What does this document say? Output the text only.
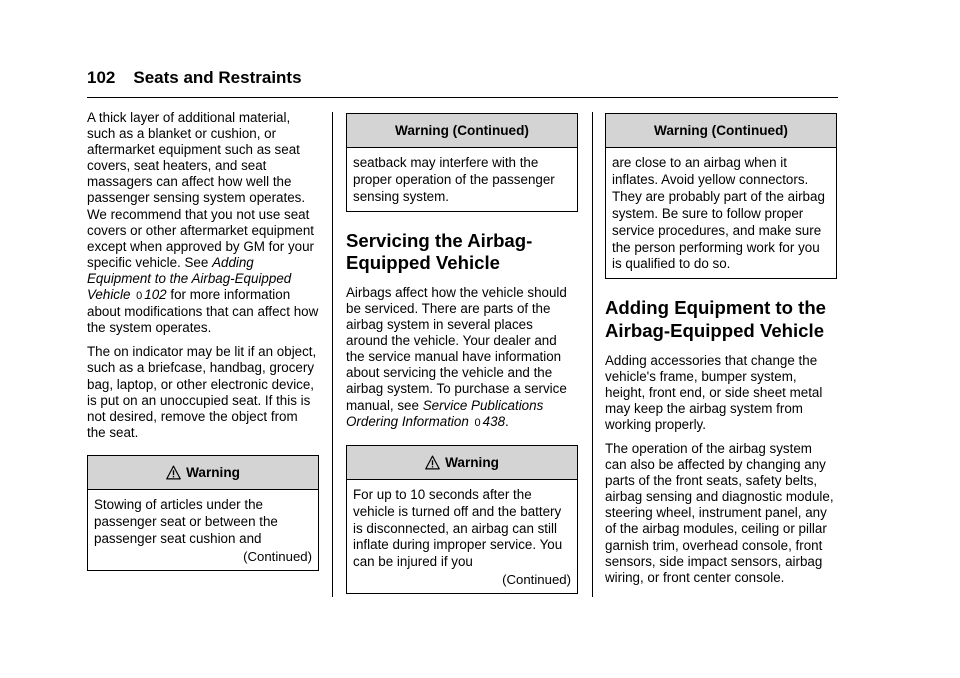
102 Seats and Restraints

A thick layer of additional material, such as a blanket or cushion, or aftermarket equipment such as seat covers, seat heaters, and seat massagers can affect how well the passenger sensing system operates. We recommend that you not use seat covers or other aftermarket equipment except when approved by GM for your specific vehicle. See Adding Equipment to the Airbag-Equipped Vehicle 0 102 for more information about modifications that can affect how the system operates.

The on indicator may be lit if an object, such as a briefcase, handbag, grocery bag, laptop, or other electronic device, is put on an unoccupied seat. If this is not desired, remove the object from the seat.

Warning
Stowing of articles under the passenger seat or between the passenger seat cushion and
(Continued)
Warning (Continued)
seatback may interfere with the proper operation of the passenger sensing system.
Servicing the Airbag-Equipped Vehicle

Airbags affect how the vehicle should be serviced. There are parts of the airbag system in several places around the vehicle. Your dealer and the service manual have information about servicing the vehicle and the airbag system. To purchase a service manual, see Service Publications Ordering Information 0 438.

Warning
For up to 10 seconds after the vehicle is turned off and the battery is disconnected, an airbag can still inflate during improper service. You can be injured if you
(Continued)
Warning (Continued)
are close to an airbag when it inflates. Avoid yellow connectors. They are probably part of the airbag system. Be sure to follow proper service procedures, and make sure the person performing work for you is qualified to do so.
Adding Equipment to the Airbag-Equipped Vehicle

Adding accessories that change the vehicle's frame, bumper system, height, front end, or side sheet metal may keep the airbag system from working properly.

The operation of the airbag system can also be affected by changing any parts of the front seats, safety belts, airbag sensing and diagnostic module, steering wheel, instrument panel, any of the airbag modules, ceiling or pillar garnish trim, overhead console, front sensors, side impact sensors, airbag wiring, or front center console.
